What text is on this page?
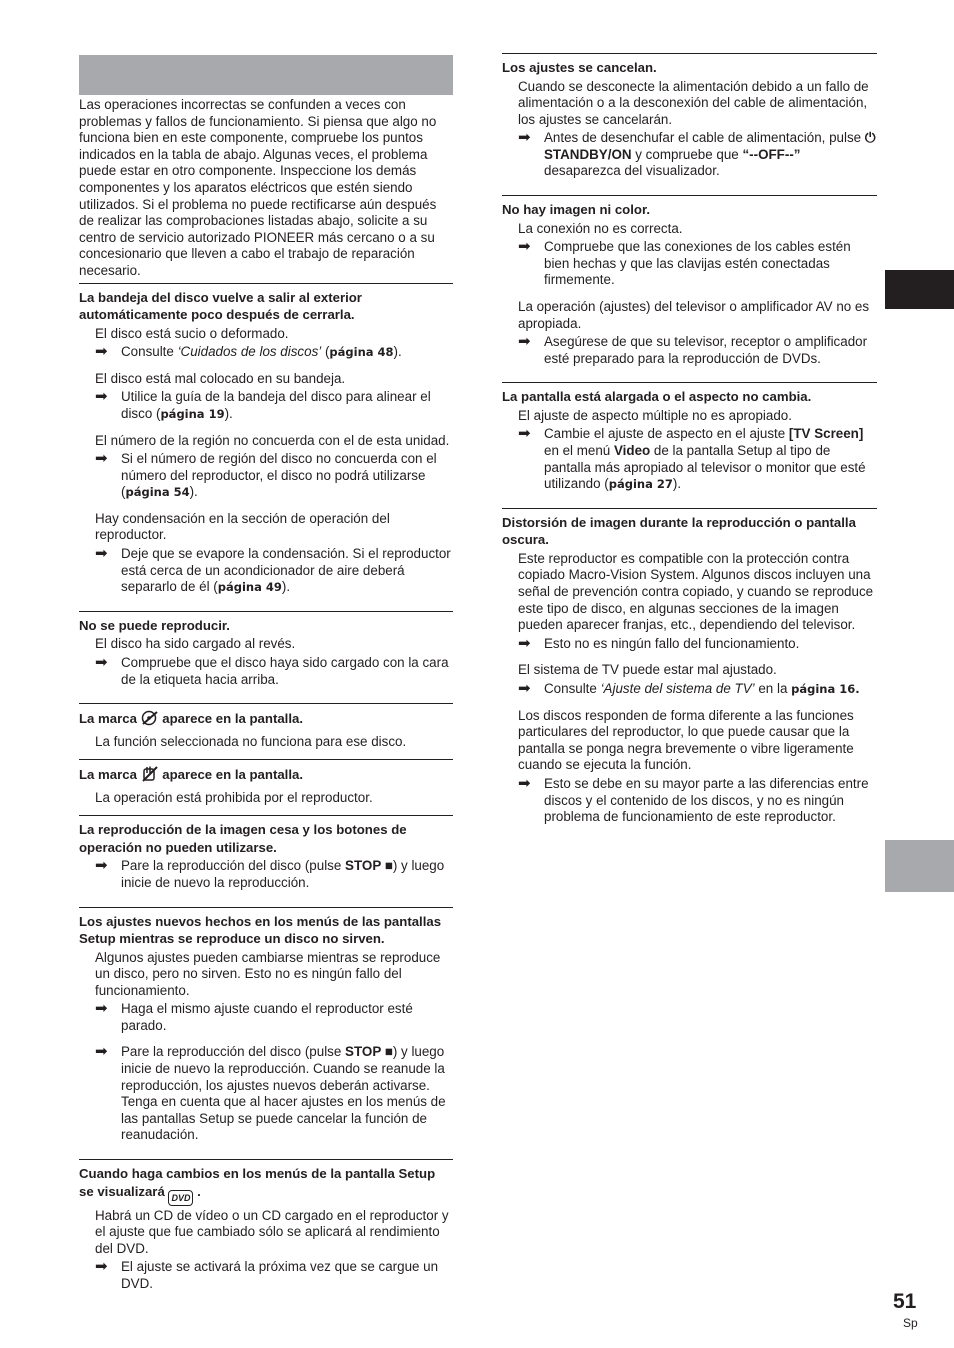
Las operaciones incorrectas se confunden a veces con problemas y fallos de funcionamiento. Si piensa que algo no funciona bien en este componente, compruebe los puntos indicados en la tabla de abajo. Algunas veces, el problema puede estar en otro componente. Inspeccione los demás componentes y los aparatos eléctricos que estén siendo utilizados. Si el problema no puede rectificarse aún después de realizar las comprobaciones listadas abajo, solicite a su centro de servicio autorizado PIONEER más cercano o a su concesionario que lleven a cabo el trabajo de reparación necesario.

La bandeja del disco vuelve a salir al exterior automáticamente poco después de cerrarla.
El disco está sucio o deformado.
➡ Consulte ‘Cuidados de los discos’ (página 48).
El disco está mal colocado en su bandeja.
➡ Utilice la guía de la bandeja del disco para alinear el disco (página 19).
El número de la región no concuerda con el de esta unidad.
➡ Si el número de región del disco no concuerda con el número del reproductor, el disco no podrá utilizarse (página 54).
Hay condensación en la sección de operación del reproductor.
➡ Deje que se evapore la condensación. Si el reproductor está cerca de un acondicionador de aire deberá separarlo de él (página 49).
No se puede reproducir.
El disco ha sido cargado al revés.
➡ Compruebe que el disco haya sido cargado con la cara de la etiqueta hacia arriba.
La marca  aparece en la pantalla.
La función seleccionada no funciona para ese disco.
La marca  aparece en la pantalla.
La operación está prohibida por el reproductor.
La reproducción de la imagen cesa y los botones de operación no pueden utilizarse.
➡ Pare la reproducción del disco (pulse STOP ■) y luego inicie de nuevo la reproducción.
Los ajustes nuevos hechos en los menús de las pantallas Setup mientras se reproduce un disco no sirven.
Algunos ajustes pueden cambiarse mientras se reproduce un disco, pero no sirven. Esto no es ningún fallo del funcionamiento.
➡ Haga el mismo ajuste cuando el reproductor esté parado.
➡ Pare la reproducción del disco (pulse STOP ■) y luego inicie de nuevo la reproducción. Cuando se reanude la reproducción, los ajustes nuevos deberán activarse. Tenga en cuenta que al hacer ajustes en los menús de las pantallas Setup se puede cancelar la función de reanudación.
Cuando haga cambios en los menús de la pantalla Setup se visualizará DVD .
Habrá un CD de vídeo o un CD cargado en el reproductor y el ajuste que fue cambiado sólo se aplicará al rendimiento del DVD.
➡ El ajuste se activará la próxima vez que se cargue un DVD.
Los ajustes se cancelan.
Cuando se desconecte la alimentación debido a un fallo de alimentación o a la desconexión del cable de alimentación, los ajustes se cancelarán.
➡ Antes de desenchufar el cable de alimentación, pulse ⏻ STANDBY/ON y compruebe que “--OFF--” desaparezca del visualizador.
No hay imagen ni color.
La conexión no es correcta.
➡ Compruebe que las conexiones de los cables estén bien hechas y que las clavijas estén conectadas firmemente.
La operación (ajustes) del televisor o amplificador AV no es apropiada.
➡ Asegúrese de que su televisor, receptor o amplificador esté preparado para la reproducción de DVDs.
La pantalla está alargada o el aspecto no cambia.
El ajuste de aspecto múltiple no es apropiado.
➡ Cambie el ajuste de aspecto en el ajuste [TV Screen] en el menú Video de la pantalla Setup al tipo de pantalla más apropiado al televisor o monitor que esté utilizando (página 27).
Distorsión de imagen durante la reproducción o pantalla oscura.
Este reproductor es compatible con la protección contra copiado Macro-Vision System. Algunos discos incluyen una señal de prevención contra copiado, y cuando se reproduce este tipo de disco, en algunas secciones de la imagen pueden aparecer franjas, etc., dependiendo del televisor.
➡ Esto no es ningún fallo del funcionamiento.
El sistema de TV puede estar mal ajustado.
➡ Consulte ‘Ajuste del sistema de TV’ en la página 16.
Los discos responden de forma diferente a las funciones particulares del reproductor, lo que puede causar que la pantalla se ponga negra brevemente o vibre ligeramente cuando se ejecuta la función.
➡ Esto se debe en su mayor parte a las diferencias entre discos y el contenido de los discos, y no es ningún problema de funcionamiento de este reproductor.
51
Sp
